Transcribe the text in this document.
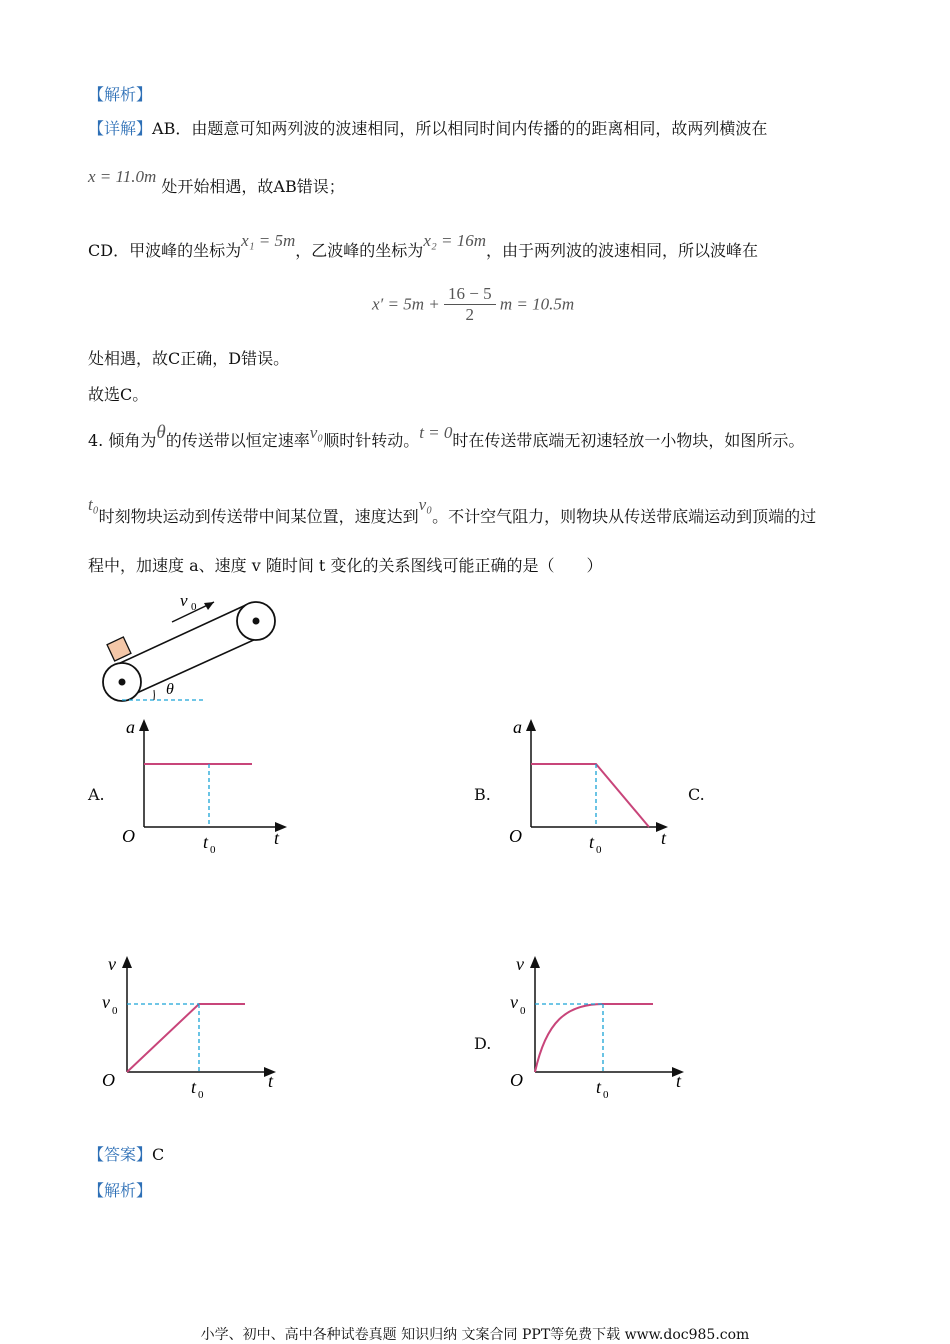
【解析】
【详解】AB．由题意可知两列波的波速相同，所以相同时间内传播的的距离相同，故两列横波在
x = 11.0m 处开始相遇，故AB错误；
CD．甲波峰的坐标为x₁ = 5m，乙波峰的坐标为x₂ = 16m，由于两列波的波速相同，所以波峰在
$x' = 5m + \frac{16 - 5}{2}$ m = 10.5m
处相遇，故C正确，D错误。
故选C。
4. 倾角为θ的传送带以恒定速率v₀顺时针转动。t = 0时在传送带底端无初速轻放一小物块，如图所示。
t₀时刻物块运动到传送带中间某位置，速度达到v₀。不计空气阻力，则物块从传送带底端运动到顶端的过
程中，加速度 a、速度 v 随时间 t 变化的关系图线可能正确的是（　　）
v 0
θ
A.
a
t
O	t 0
B.
a
t
O	t 0
C.
v
t
O
v 0
t 0
D.
v
t
O
v 0
t 0
【答案】C
【解析】
小学、初中、高中各种试卷真题 知识归纳 文案合同 PPT等免费下载 www.doc985.com
